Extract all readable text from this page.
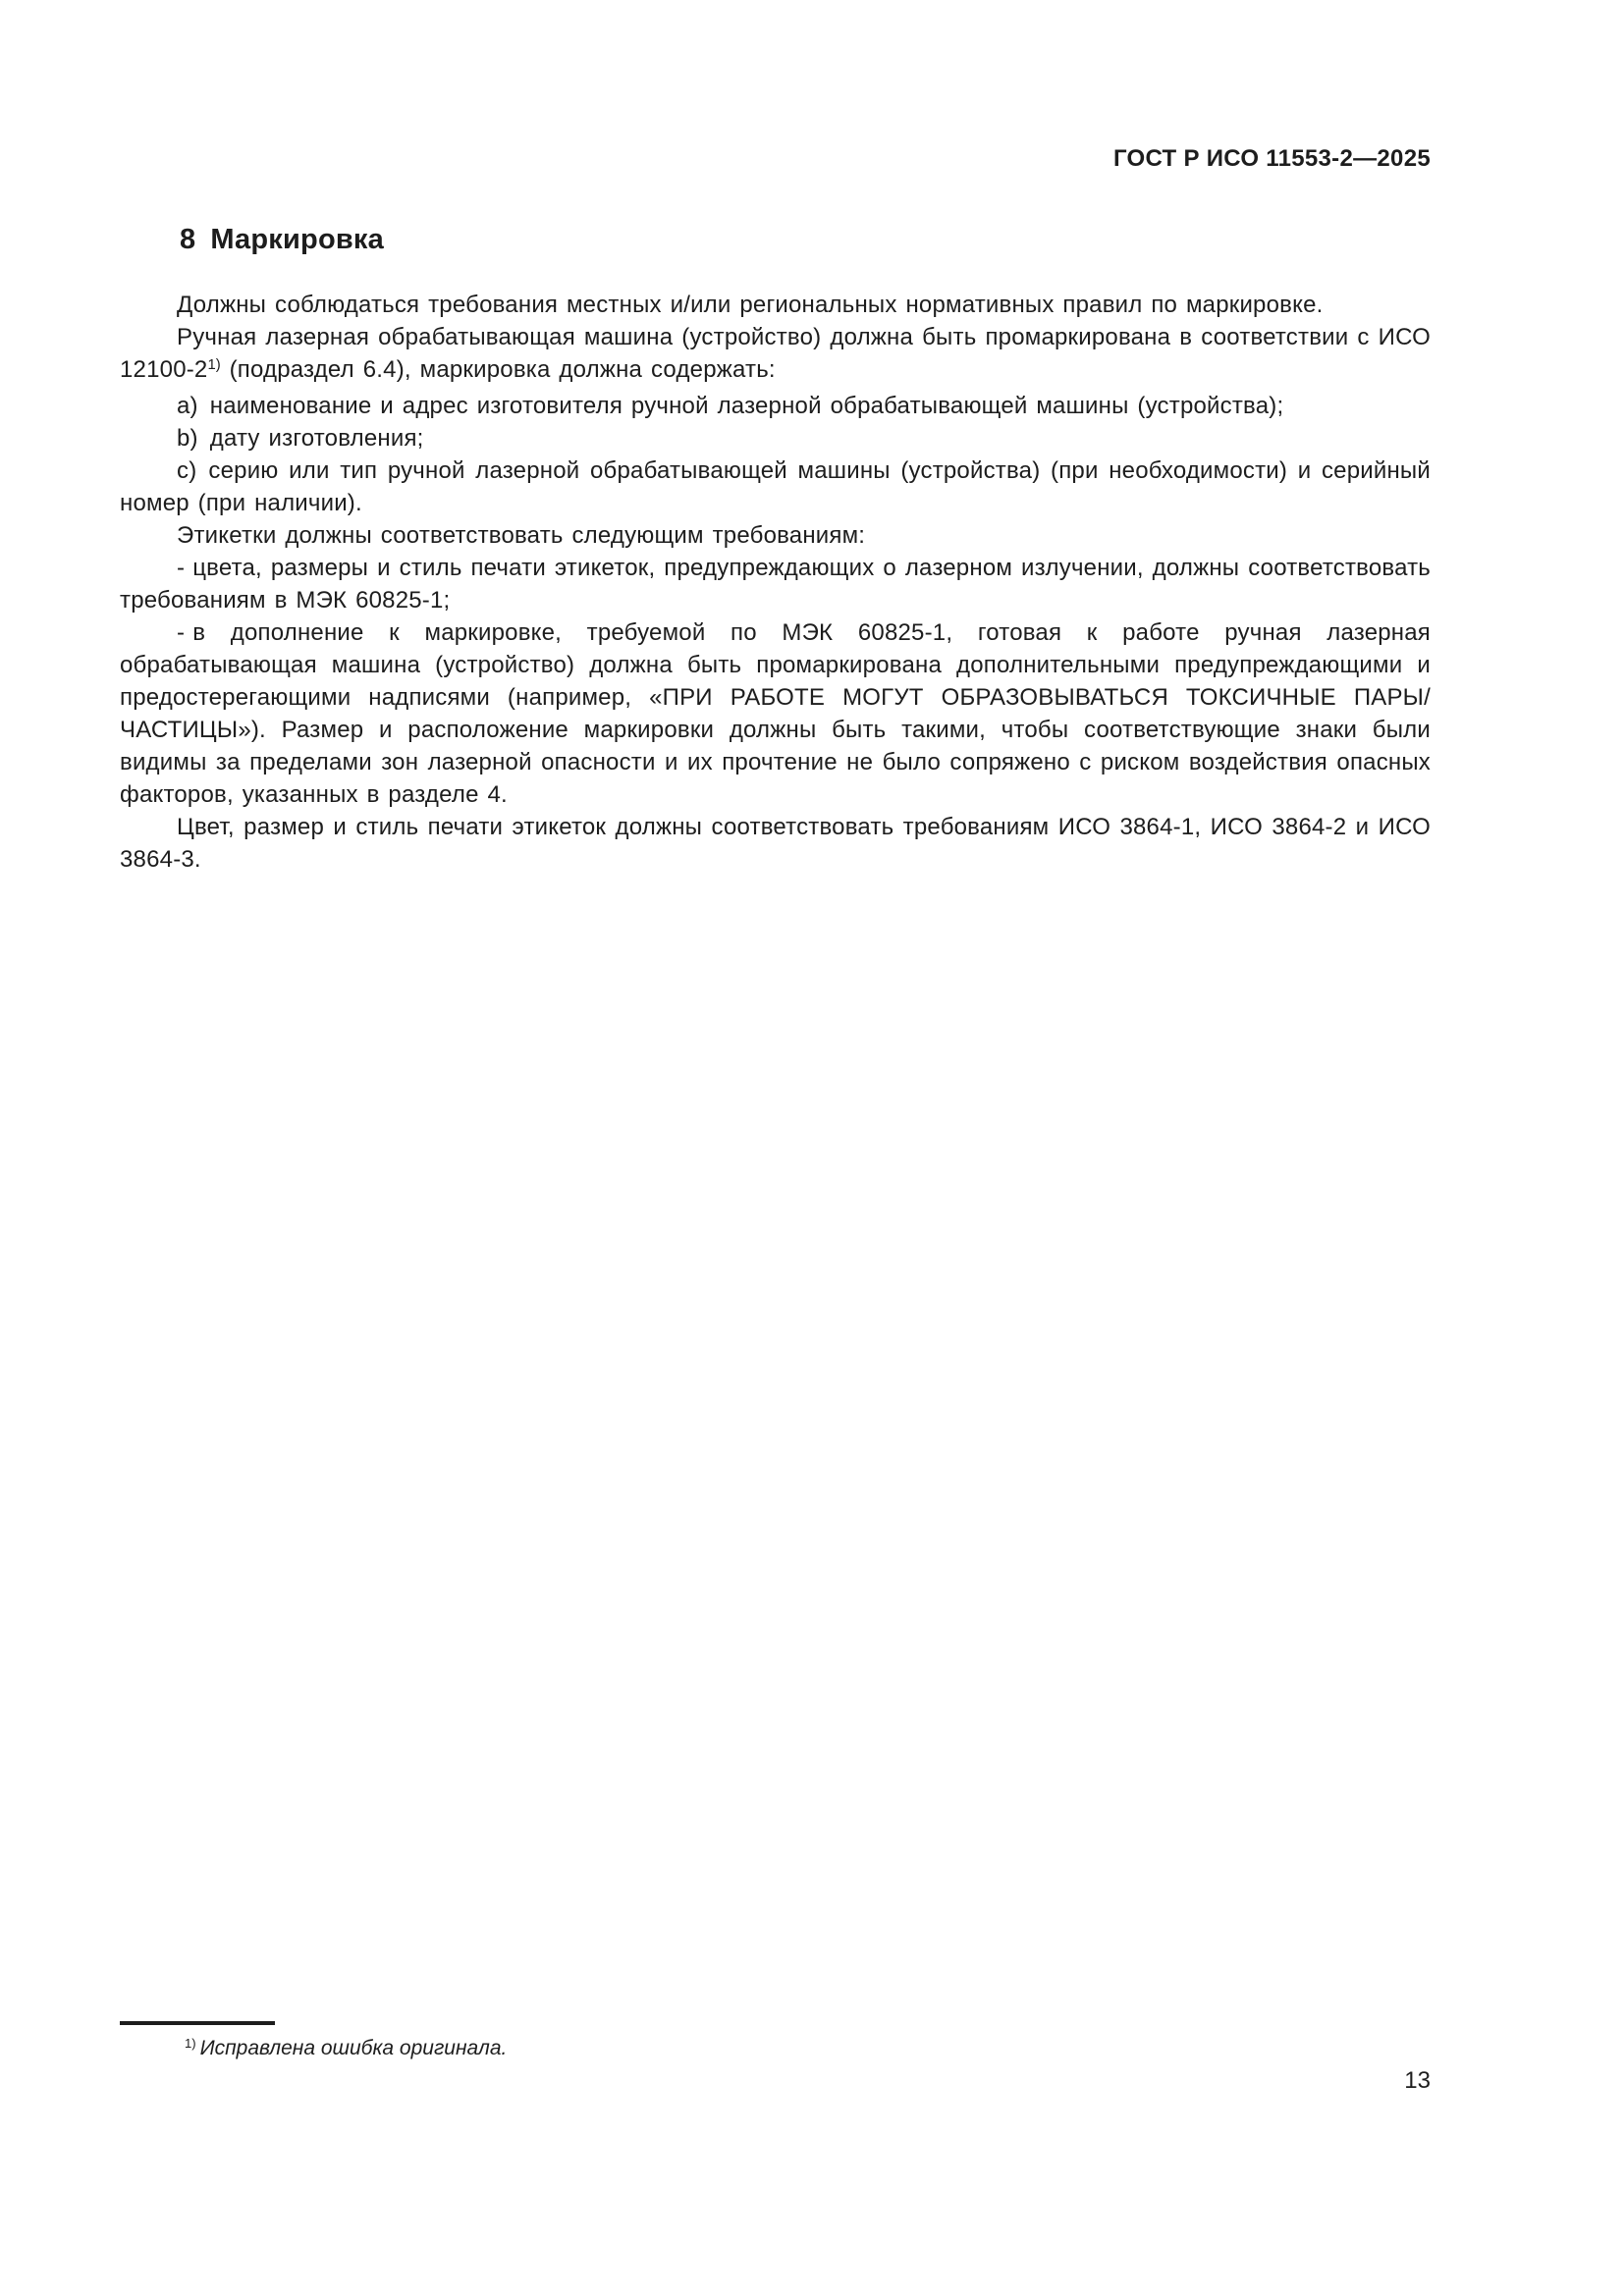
ГОСТ Р ИСО 11553-2—2025
8 Маркировка

Должны соблюдаться требования местных и/или региональных нормативных правил по маркировке.

Ручная лазерная обрабатывающая машина (устройство) должна быть промаркирована в соответствии с ИСО 12100-2$^{1)}$ (подраздел 6.4), маркировка должна содержать:

a) наименование и адрес изготовителя ручной лазерной обрабатывающей машины (устройства);

b) дату изготовления;

c) серию или тип ручной лазерной обрабатывающей машины (устройства) (при необходимости) и серийный номер (при наличии).

Этикетки должны соответствовать следующим требованиям:

- цвета, размеры и стиль печати этикеток, предупреждающих о лазерном излучении, должны соответствовать требованиям в МЭК 60825-1;

- в дополнение к маркировке, требуемой по МЭК 60825-1, готовая к работе ручная лазерная обрабатывающая машина (устройство) должна быть промаркирована дополнительными предупреждающими и предостерегающими надписями (например, «ПРИ РАБОТЕ МОГУТ ОБРАЗОВЫВАТЬСЯ ТОКСИЧНЫЕ ПАРЫ/ЧАСТИЦЫ»). Размер и расположение маркировки должны быть такими, чтобы соответствующие знаки были видимы за пределами зон лазерной опасности и их прочтение не было сопряжено с риском воздействия опасных факторов, указанных в разделе 4.

Цвет, размер и стиль печати этикеток должны соответствовать требованиям ИСО 3864-1, ИСО 3864-2 и ИСО 3864-3.

$^{1)}$ Исправлена ошибка оригинала.

13
